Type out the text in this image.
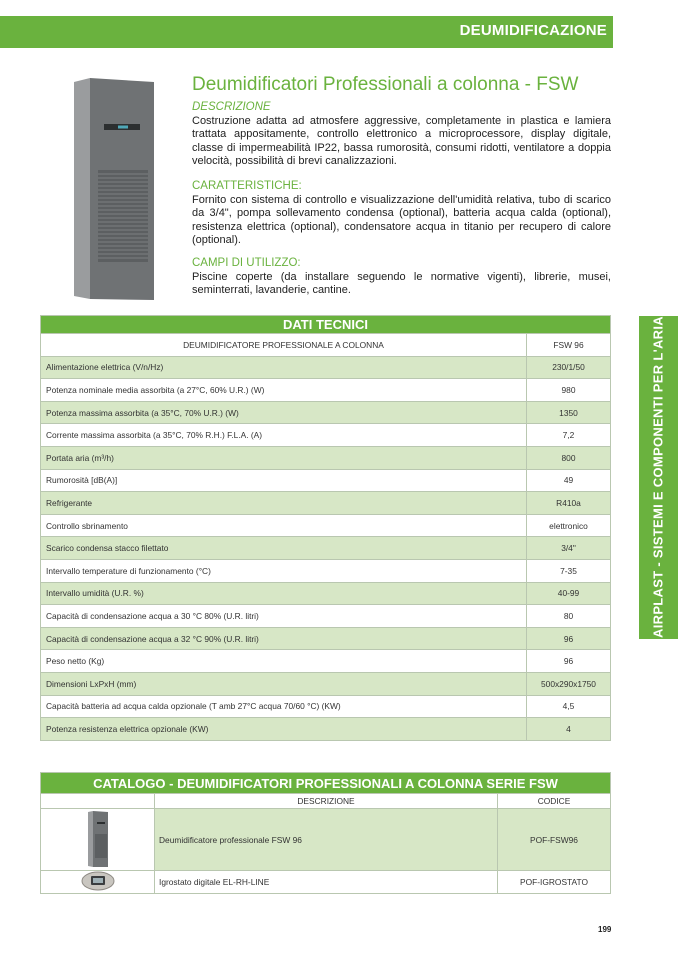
DEUMIDIFICAZIONE
AIRPLAST - SISTEMI E COMPONENTI PER L'ARIA
Deumidificatori Professionali a colonna - FSW
DESCRIZIONE
Costruzione adatta ad atmosfere aggressive, completamente in plastica e lamiera trattata appositamente, controllo elettronico a microprocessore, display digitale, classe di impermeabilità IP22, bassa rumorosità, consumi ridotti, ventilatore a doppia velocità, possibilità di brevi canalizzazioni.
CARATTERISTICHE:
Fornito con sistema di controllo e visualizzazione dell'umidità relativa, tubo di scarico da 3/4", pompa sollevamento condensa (optional), batteria acqua calda (optional), resistenza elettrica (optional), condensatore acqua in titanio per recupero di calore (optional).
CAMPI DI UTILIZZO:
Piscine coperte (da installare seguendo le normative vigenti), librerie, musei, seminterrati, lavanderie, cantine.
DATI TECNICI	
DEUMIDIFICATORE PROFESSIONALE A COLONNA	FSW 96
Alimentazione elettrica (V/n/Hz)	230/1/50
Potenza nominale media assorbita (a 27°C, 60% U.R.) (W)	980
Potenza massima assorbita (a 35°C, 70% U.R.) (W)	1350
Corrente massima assorbita (a 35°C, 70% R.H.) F.L.A. (A)	7,2
Portata aria (m³/h)	800
Rumorosità [dB(A)]	49
Refrigerante	R410a
Controllo sbrinamento	elettronico
Scarico condensa stacco filettato	3/4"
Intervallo temperature di funzionamento (°C)	7-35
Intervallo umidità (U.R. %)	40-99
Capacità di condensazione acqua a 30 °C 80% (U.R. litri)	80
Capacità di condensazione acqua a 32 °C 90% (U.R. litri)	96
Peso netto (Kg)	96
Dimensioni LxPxH (mm)	500x290x1750
Capacità batteria ad acqua calda opzionale (T amb 27°C acqua 70/60 °C) (KW)	4,5
Potenza resistenza elettrica opzionale (KW)	4
CATALOGO - DEUMIDIFICATORI PROFESSIONALI A COLONNA SERIE FSW		
	DESCRIZIONE	CODICE
	Deumidificatore professionale FSW 96	POF-FSW96
	Igrostato digitale EL-RH-LINE	POF-IGROSTATO
199
